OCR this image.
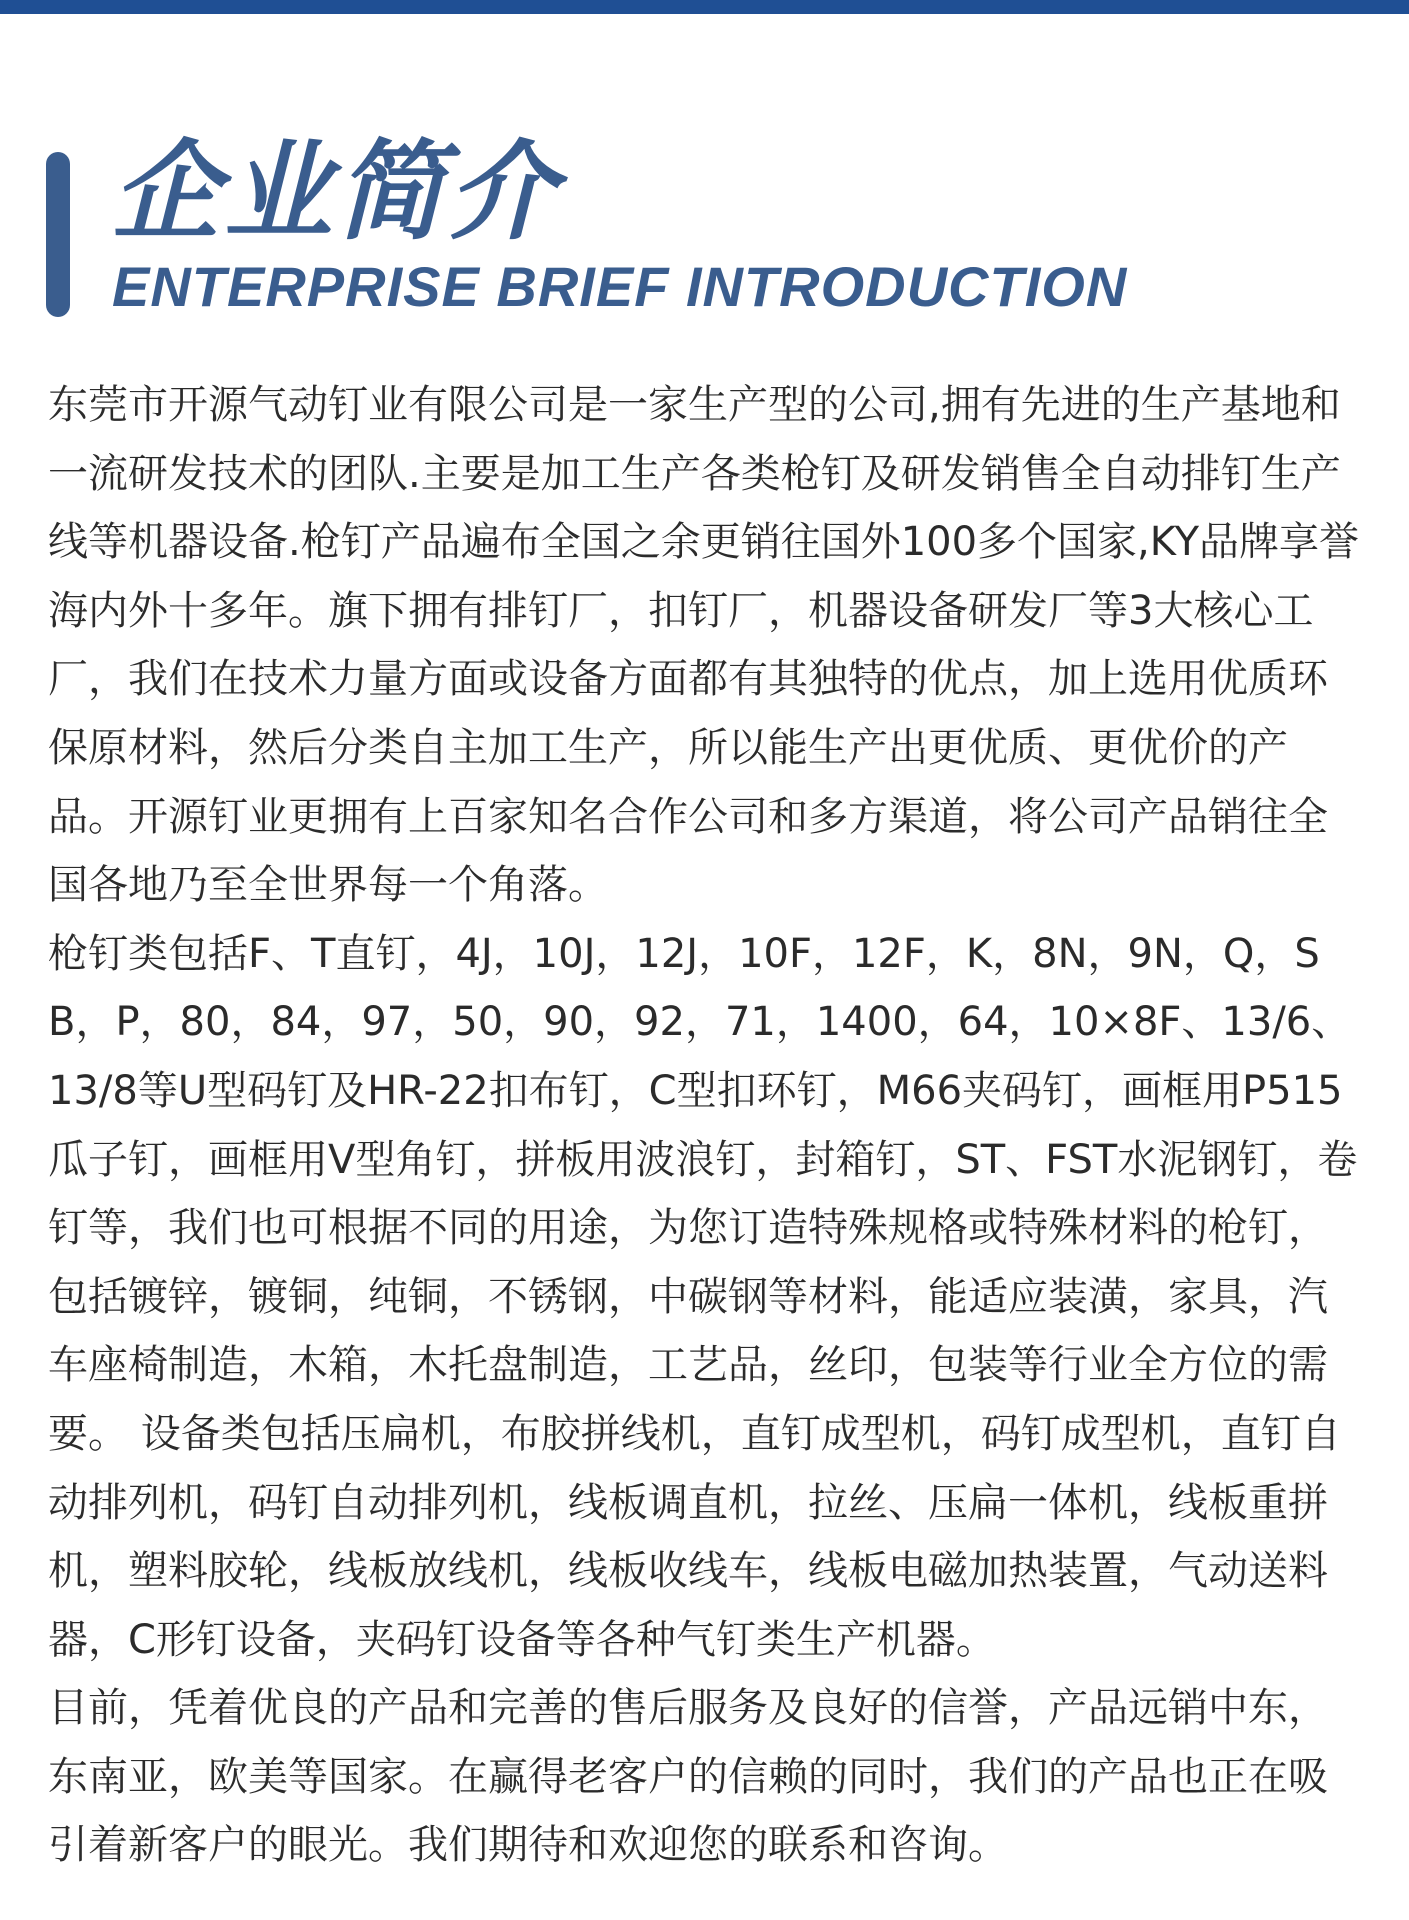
企业简介
ENTERPRISE BRIEF INTRODUCTION

东莞市开源气动钉业有限公司是一家生产型的公司,拥有先进的生产基地和一流研发技术的团队.主要是加工生产各类枪钉及研发销售全自动排钉生产线等机器设备.枪钉产品遍布全国之余更销往国外100多个国家,KY品牌享誉海内外十多年。旗下拥有排钉厂，扣钉厂，机器设备研发厂等3大核心工厂，我们在技术力量方面或设备方面都有其独特的优点，加上选用优质环保原材料，然后分类自主加工生产，所以能生产出更优质、更优价的产品。开源钉业更拥有上百家知名合作公司和多方渠道，将公司产品销往全国各地乃至全世界每一个角落。

枪钉类包括F、T直钉，4J，10J，12J，10F，12F，K，8N，9N，Q，SB，P，80，84，97，50，90，92，71，1400，64，10×8F、13/6、13/8等U型码钉及HR-22扣布钉，C型扣环钉，M66夹码钉，画框用P515瓜子钉，画框用V型角钉，拼板用波浪钉，封箱钉，ST、FST水泥钢钉，卷钉等，我们也可根据不同的用途，为您订造特殊规格或特殊材料的枪钉，包括镀锌，镀铜，纯铜，不锈钢，中碳钢等材料，能适应装潢，家具，汽车座椅制造，木箱，木托盘制造，工艺品，丝印，包装等行业全方位的需要。 设备类包括压扁机，布胶拼线机，直钉成型机，码钉成型机，直钉自动排列机，码钉自动排列机，线板调直机，拉丝、压扁一体机，线板重拼机，塑料胶轮，线板放线机，线板收线车，线板电磁加热装置，气动送料器，C形钉设备，夹码钉设备等各种气钉类生产机器。

目前，凭着优良的产品和完善的售后服务及良好的信誉，产品远销中东，东南亚，欧美等国家。在赢得老客户的信赖的同时，我们的产品也正在吸引着新客户的眼光。我们期待和欢迎您的联系和咨询。
